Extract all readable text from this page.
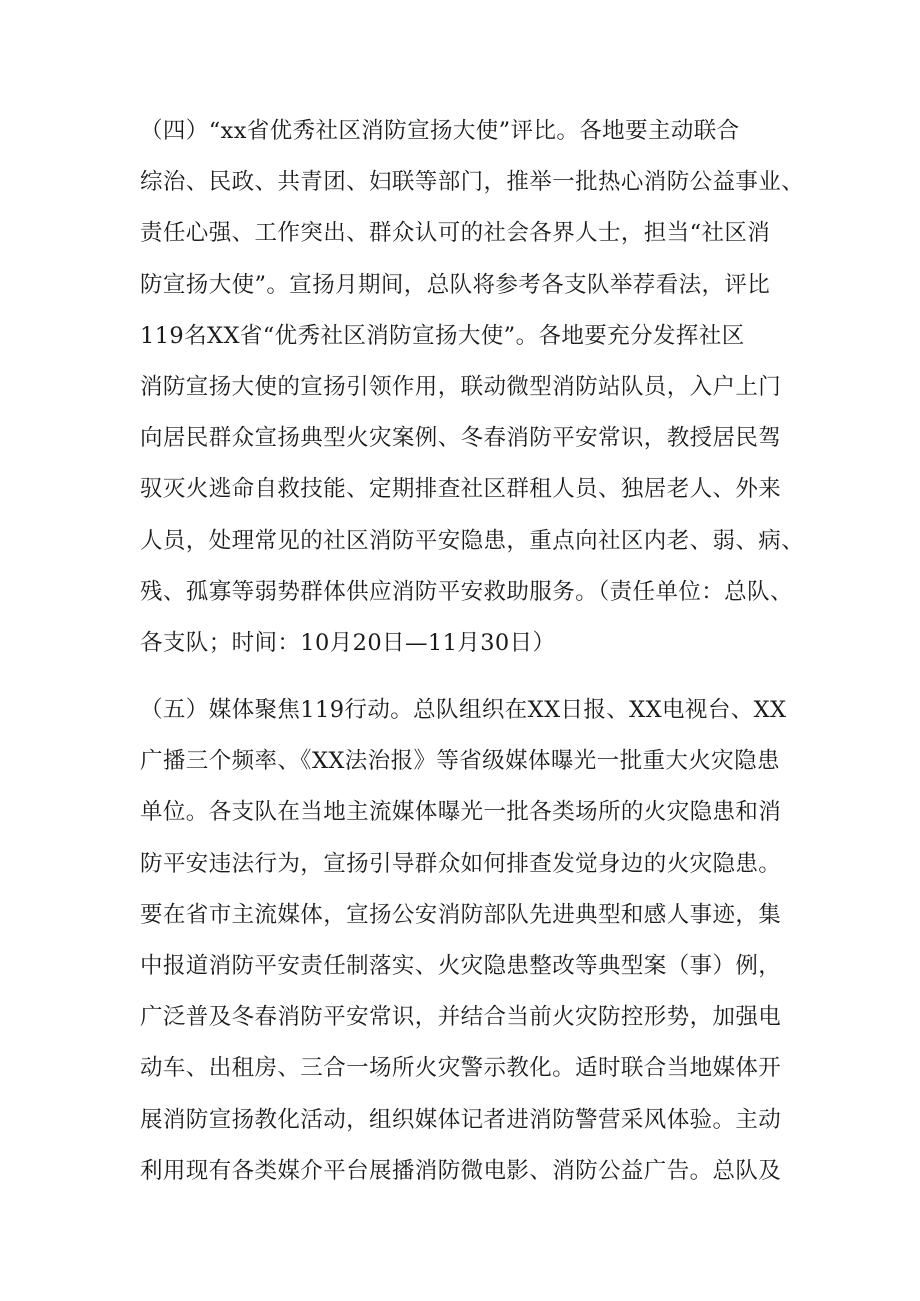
（四）“xx省优秀社区消防宣扬大使”评比。各地要主动联合
综治、民政、共青团、妇联等部门，推举一批热心消防公益事业、
责任心强、工作突出、群众认可的社会各界人士，担当“社区消
防宣扬大使”。宣扬月期间，总队将参考各支队举荐看法，评比
119名XX省“优秀社区消防宣扬大使”。各地要充分发挥社区
消防宣扬大使的宣扬引领作用，联动微型消防站队员，入户上门
向居民群众宣扬典型火灾案例、冬春消防平安常识，教授居民驾
驭灭火逃命自救技能、定期排查社区群租人员、独居老人、外来
人员，处理常见的社区消防平安隐患，重点向社区内老、弱、病、
残、孤寡等弱势群体供应消防平安救助服务。（责任单位：总队、
各支队；时间：10月20日—11月30日）
（五）媒体聚焦119行动。总队组织在XX日报、XX电视台、XX
广播三个频率、《XX法治报》等省级媒体曝光一批重大火灾隐患
单位。各支队在当地主流媒体曝光一批各类场所的火灾隐患和消
防平安违法行为，宣扬引导群众如何排查发觉身边的火灾隐患。
要在省市主流媒体，宣扬公安消防部队先进典型和感人事迹，集
中报道消防平安责任制落实、火灾隐患整改等典型案（事）例，
广泛普及冬春消防平安常识，并结合当前火灾防控形势，加强电
动车、出租房、三合一场所火灾警示教化。适时联合当地媒体开
展消防宣扬教化活动，组织媒体记者进消防警营采风体验。主动
利用现有各类媒介平台展播消防微电影、消防公益广告。总队及
